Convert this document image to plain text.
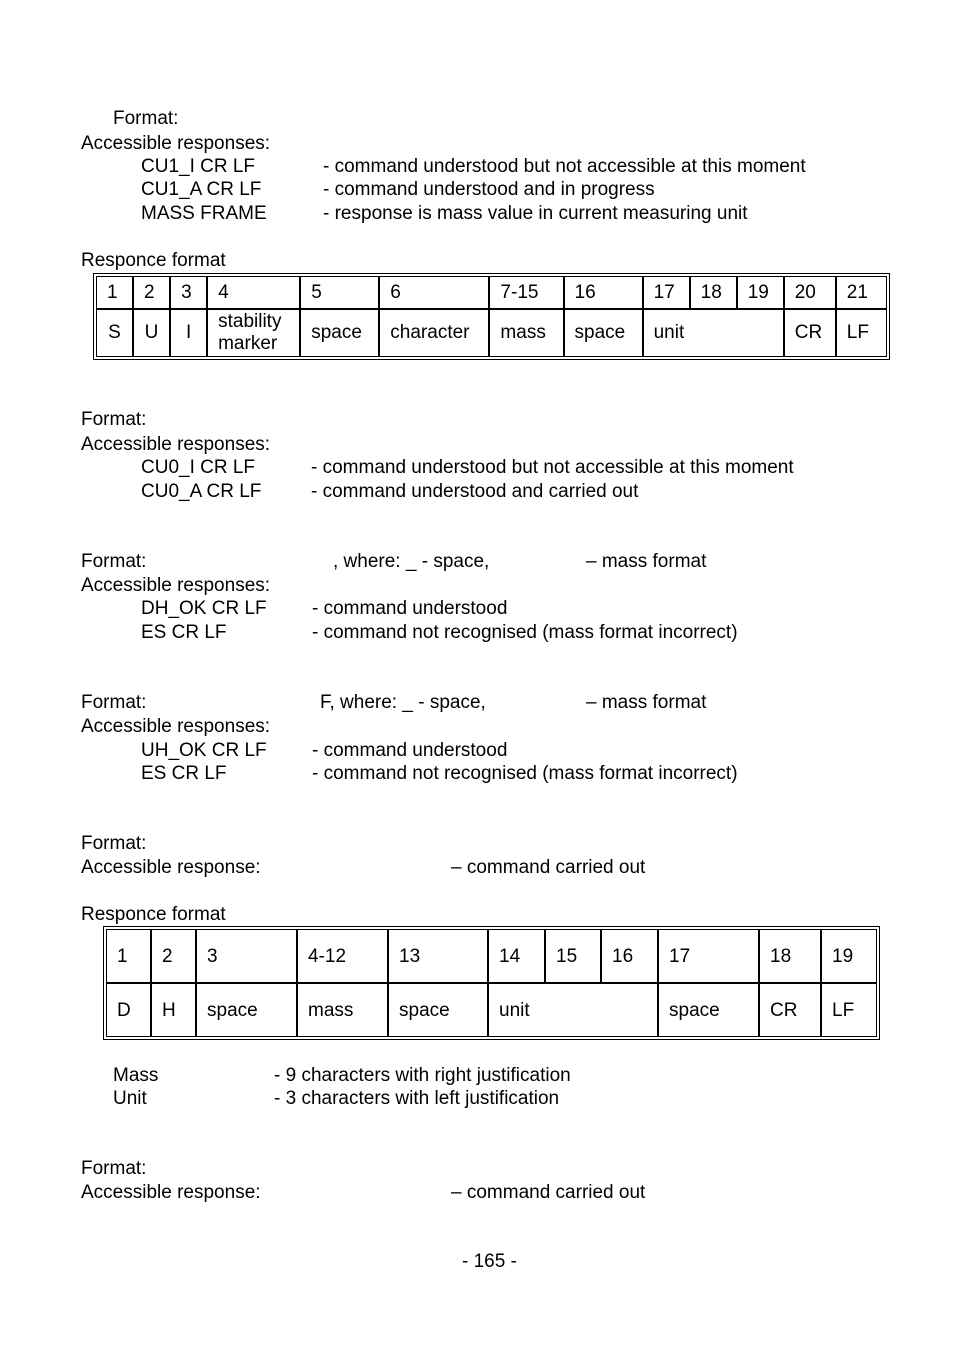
Format:
Accessible responses:
CU1_I CR LF	- command understood but not accessible at this moment
CU1_A CR LF	- command understood and in progress
MASS FRAME	- response is mass value in current measuring unit
Responce format
1	2	3	4	5	6	7-15	16	17	18	19	20	21
S	U	I	stability marker	space	character	mass	space	unit			CR	LF
Format:
Accessible responses:
CU0_I CR LF	- command understood but not accessible at this moment
CU0_A CR LF	- command understood and carried out
Format:	, where: _ - space,	– mass format
Accessible responses:
DH_OK CR LF - command understood
ES CR LF	- command not recognised (mass format incorrect)
Format:	F, where: _ - space,	– mass format
Accessible responses:
UH_OK CR LF - command understood
ES CR LF	- command not recognised (mass format incorrect)
Format:
Accessible response:	– command carried out
Responce format
1	2	3	4-12	13	14	15	16	17	18	19
D	H	space	mass	space	unit			space	CR	LF
Mass	- 9 characters with right justification
Unit	- 3 characters with left justification
Format:
Accessible response:	– command carried out
- 165 -
